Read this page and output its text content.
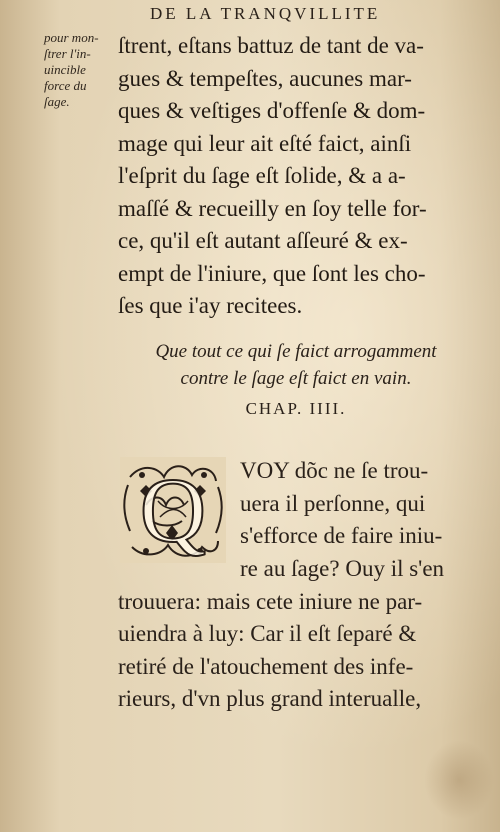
DE LA TRANQVILLITE
pour mon-
ſtrer l'in-
uincible
force du
ſage.
ſtrent, eſtans battuz de tant de va-
gues & tempeſtes, aucunes mar-
ques & veſtiges d'offenſe & dom-
mage qui leur ait eſté faict, ainſi
l'eſprit du ſage eſt ſolide, & a a-
maſſé & recueilly en ſoy telle for-
ce, qu'il eſt autant aſſeuré & ex-
empt de l'iniure, que ſont les cho-
ſes que i'ay recitees.
Que tout ce qui ſe faict arrogamment
contre le ſage eſt faict en vain.
CHAP. IIII.
Q VOY dõc ne ſe trou-
uera il perſonne, qui
s'efforce de faire iniu-
re au ſage? Ouy il s'en
trouuera: mais cete iniure ne par-
uiendra à luy: Car il eſt ſeparé &
retiré de l'atouchement des infe-
rieurs, d'vn plus grand interualle,
